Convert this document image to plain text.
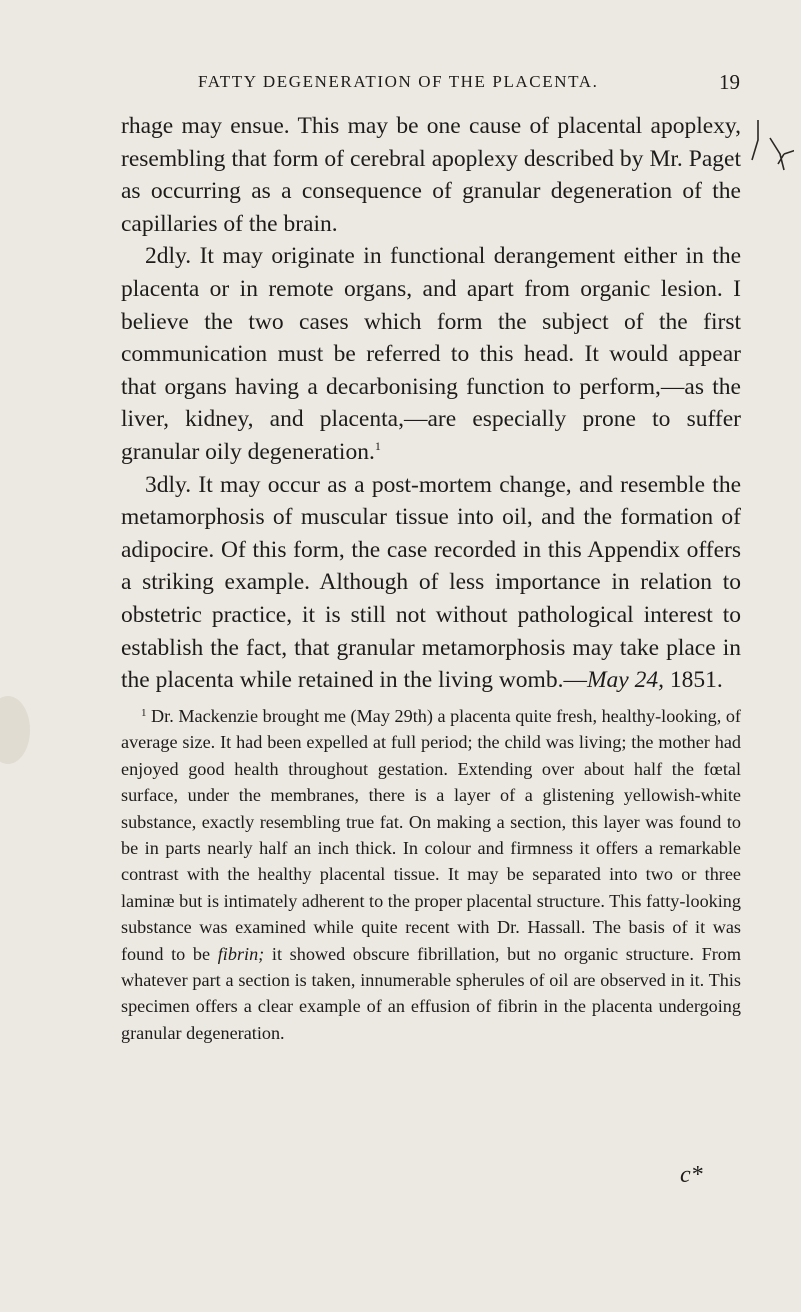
FATTY DEGENERATION OF THE PLACENTA.	19

rhage may ensue. This may be one cause of placental apoplexy, resembling that form of cerebral apoplexy described by Mr. Paget as occurring as a consequence of granular degeneration of the capillaries of the brain.

2dly. It may originate in functional derangement either in the placenta or in remote organs, and apart from organic lesion. I believe the two cases which form the subject of the first communication must be referred to this head. It would appear that organs having a decarbonising function to perform,—as the liver, kidney, and placenta,—are especially prone to suffer granular oily degeneration.$^1$

3dly. It may occur as a post-mortem change, and resemble the metamorphosis of muscular tissue into oil, and the formation of adipocire. Of this form, the case recorded in this Appendix offers a striking example. Although of less importance in relation to obstetric practice, it is still not without pathological interest to establish the fact, that granular metamorphosis may take place in the placenta while retained in the living womb.—May 24, 1851.

$^1$ Dr. Mackenzie brought me (May 29th) a placenta quite fresh, healthy-looking, of average size. It had been expelled at full period; the child was living; the mother had enjoyed good health throughout gestation. Extending over about half the fœtal surface, under the membranes, there is a layer of a glistening yellowish-white substance, exactly resembling true fat. On making a section, this layer was found to be in parts nearly half an inch thick. In colour and firmness it offers a remarkable contrast with the healthy placental tissue. It may be separated into two or three laminæ but is intimately adherent to the proper placental structure. This fatty-looking substance was examined while quite recent with Dr. Hassall. The basis of it was found to be fibrin; it showed obscure fibrillation, but no organic structure. From whatever part a section is taken, innumerable spherules of oil are observed in it. This specimen offers a clear example of an effusion of fibrin in the placenta undergoing granular degeneration.
c*
